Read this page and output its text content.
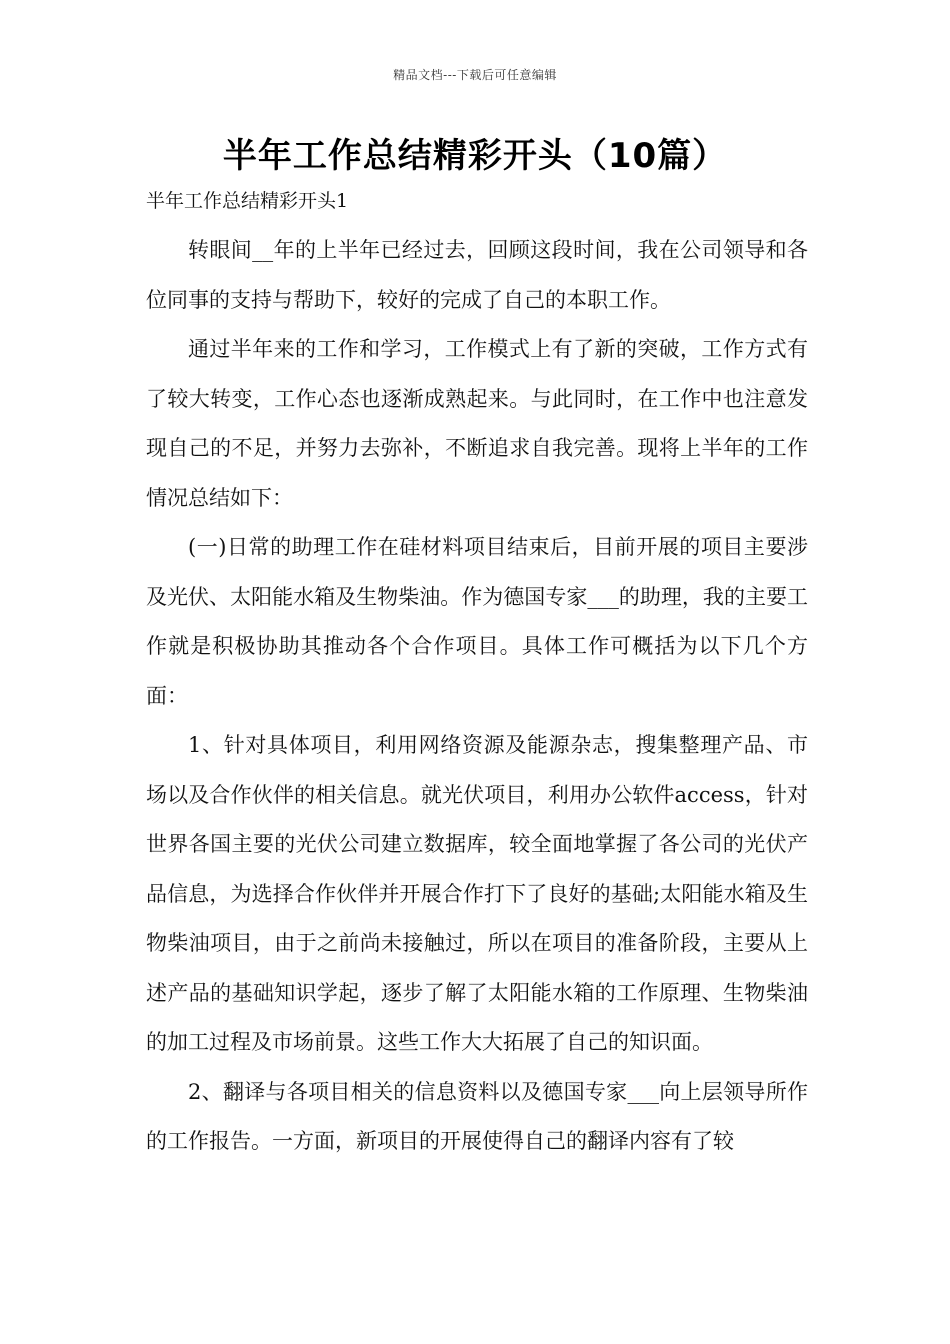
精品文档---下载后可任意编辑
半年工作总结精彩开头（10篇）

半年工作总结精彩开头1

转眼间__年的上半年已经过去，回顾这段时间，我在公司领导和各位同事的支持与帮助下，较好的完成了自己的本职工作。

通过半年来的工作和学习，工作模式上有了新的突破，工作方式有了较大转变，工作心态也逐渐成熟起来。与此同时，在工作中也注意发现自己的不足，并努力去弥补，不断追求自我完善。现将上半年的工作情况总结如下：

(一)日常的助理工作在硅材料项目结束后，目前开展的项目主要涉及光伏、太阳能水箱及生物柴油。作为德国专家___的助理，我的主要工作就是积极协助其推动各个合作项目。具体工作可概括为以下几个方面：

1、针对具体项目，利用网络资源及能源杂志，搜集整理产品、市场以及合作伙伴的相关信息。就光伏项目，利用办公软件access，针对世界各国主要的光伏公司建立数据库，较全面地掌握了各公司的光伏产品信息，为选择合作伙伴并开展合作打下了良好的基础;太阳能水箱及生物柴油项目，由于之前尚未接触过，所以在项目的准备阶段，主要从上述产品的基础知识学起，逐步了解了太阳能水箱的工作原理、生物柴油的加工过程及市场前景。这些工作大大拓展了自己的知识面。

2、翻译与各项目相关的信息资料以及德国专家___向上层领导所作的工作报告。一方面，新项目的开展使得自己的翻译内容有了较
